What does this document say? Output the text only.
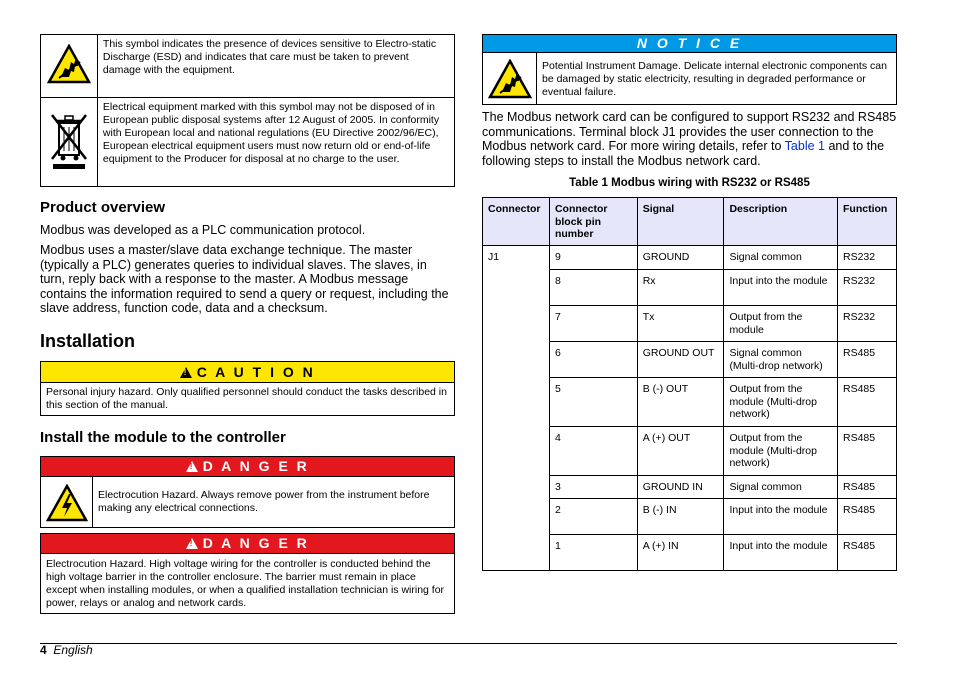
	This symbol indicates the presence of devices sensitive to Electro-static Discharge (ESD) and indicates that care must be taken to prevent damage with the equipment.
	Electrical equipment marked with this symbol may not be disposed of in European public disposal systems after 12 August of 2005. In conformity with European local and national regulations (EU Directive 2002/96/EC), European electrical equipment users must now return old or end-of-life equipment to the Producer for disposal at no charge to the user.
Product overview

Modbus was developed as a PLC communication protocol.

Modbus uses a master/slave data exchange technique. The master (typically a PLC) generates queries to individual slaves. The slaves, in turn, reply back with a response to the master. A Modbus message contains the information required to send a query or request, including the slave address, function code, data and a checksum.

Installation
! C A U T I O N
Personal injury hazard. Only qualified personnel should conduct the tasks described in this section of the manual.
Install the module to the controller
! D A N G E R
Electrocution Hazard. Always remove power from the instrument before making any electrical connections.
! D A N G E R
Electrocution Hazard. High voltage wiring for the controller is conducted behind the high voltage barrier in the controller enclosure. The barrier must remain in place except when installing modules, or when a qualified installation technician is wiring for power, relays or analog and network cards.
4 English
N O T I C E
Potential Instrument Damage. Delicate internal electronic components can be damaged by static electricity, resulting in degraded performance or eventual failure.

The Modbus network card can be configured to support RS232 and RS485 communications. Terminal block J1 provides the user connection to the Modbus network card. For more wiring details, refer to Table 1 and to the following steps to install the Modbus network card.

Table 1 Modbus wiring with RS232 or RS485
Connector	Connector block pin number	Signal	Description	Function
J1	9	GROUND	Signal common	RS232
	8	Rx	Input into the module	RS232
	7	Tx	Output from the module	RS232
	6	GROUND OUT	Signal common (Multi-drop network)	RS485
	5	B (-) OUT	Output from the module (Multi-drop network)	RS485
	4	A (+) OUT	Output from the module (Multi-drop network)	RS485
	3	GROUND IN	Signal common	RS485
	2	B (-) IN	Input into the module	RS485
	1	A (+) IN	Input into the module	RS485
